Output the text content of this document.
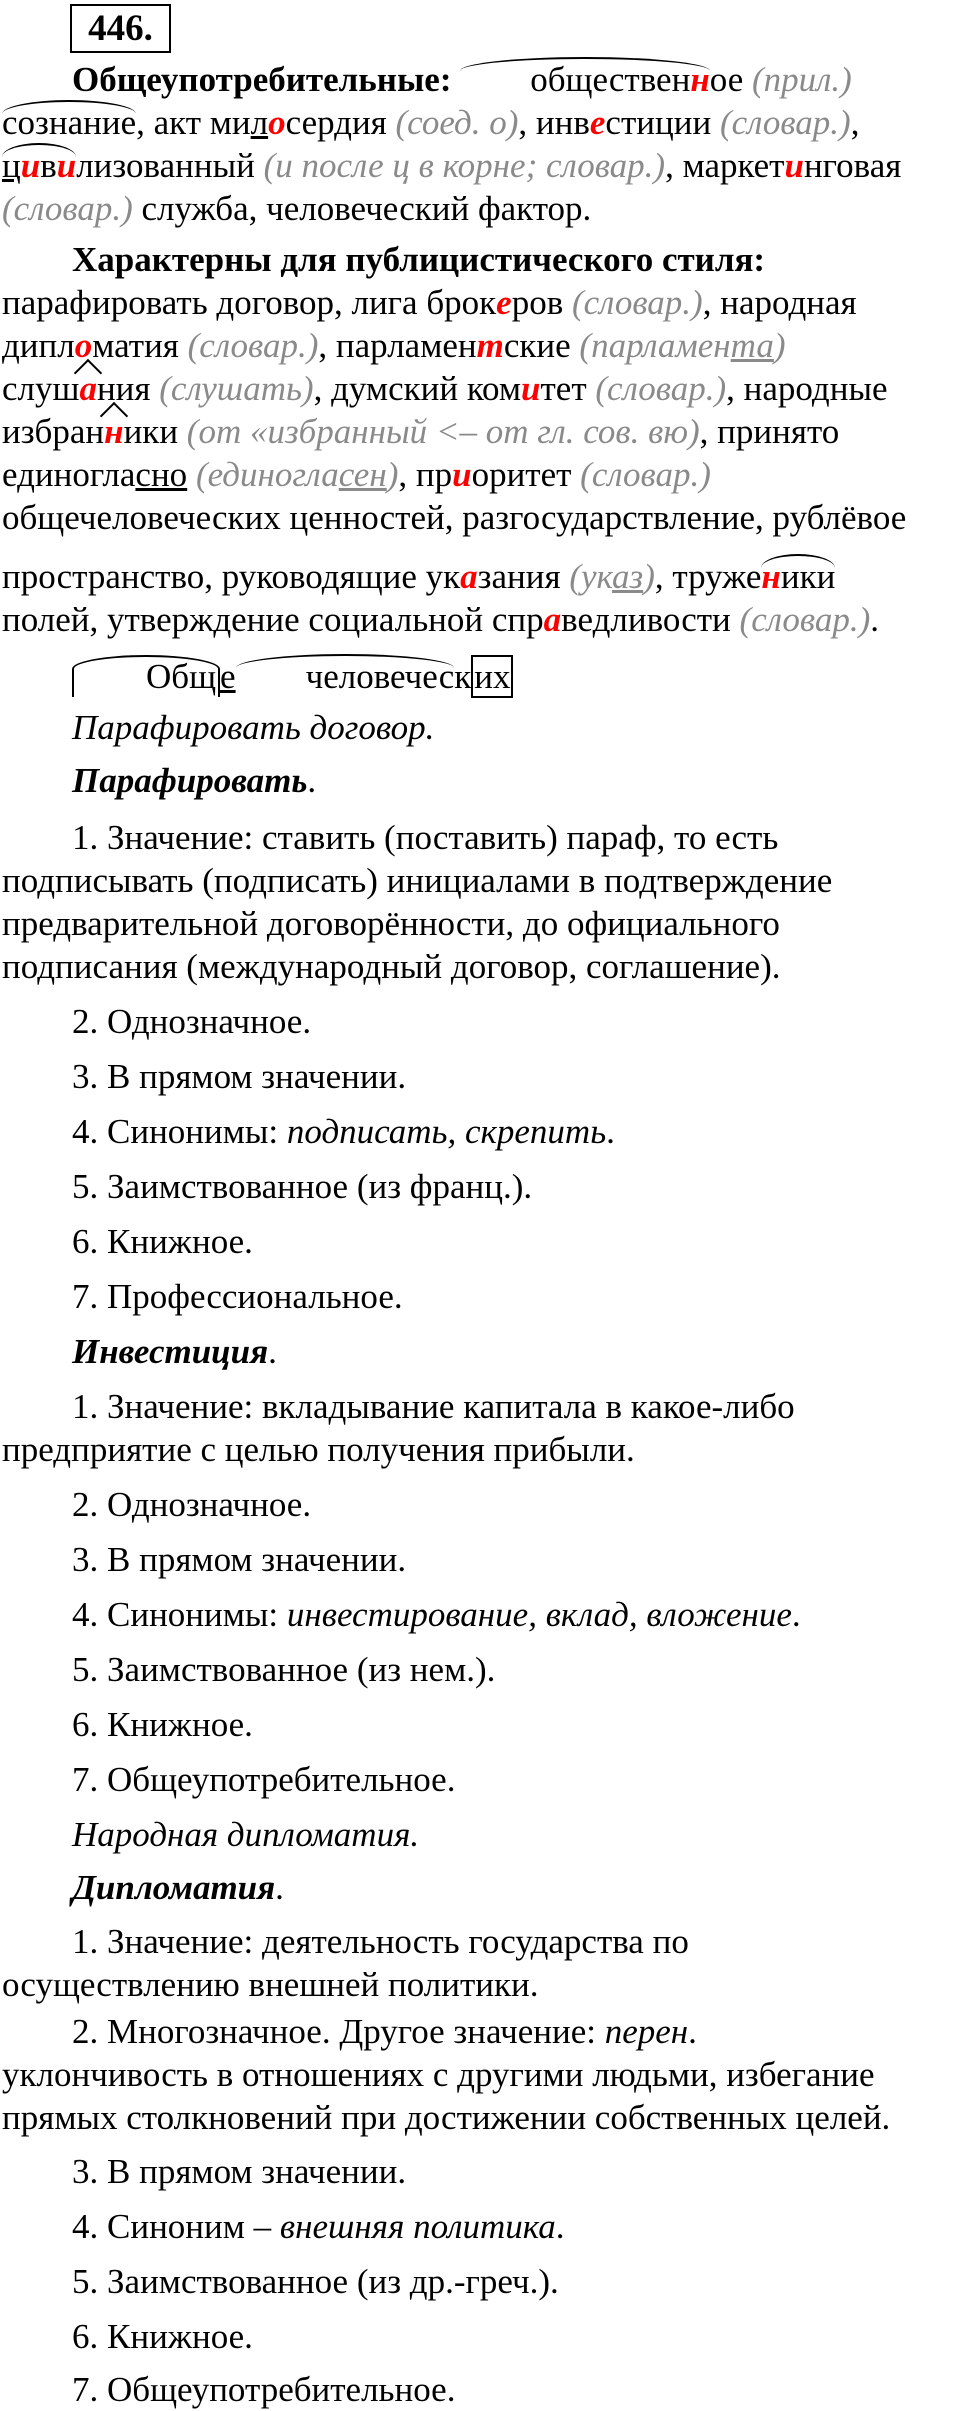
446.
Общеупотребительные: общественное (прил.)
сознание, акт милосердия (соед. о), инвестиции (словар.),
цивилизованный (и после ц в корне; словар.), маркетинговая
(словар.) служба, человеческий фактор.
Характерны для публицистического стиля:
парафировать договор, лига брокеров (словар.), народная
дипломатия (словар.), парламентские (парламента)
слушания (слушать), думский комитет (словар.), народные
избранники (от «избранный <– от гл. сов. вю), принято
единогласно (единогласен), приоритет (словар.)
общечеловеческих ценностей, разгосударствление, рублёвое
пространство, руководящие указания (указ), труженики
полей, утверждение социальной справедливости (словар.).
Общ е человеческих
Парафировать договор.
Парафировать.
1. Значение: ставить (поставить) параф, то есть
подписывать (подписать) инициалами в подтверждение
предварительной договорённости, до официального
подписания (международный договор, соглашение).
2. Однозначное.
3. В прямом значении.
4. Синонимы: подписать, скрепить.
5. Заимствованное (из франц.).
6. Книжное.
7. Профессиональное.
Инвестиция.
1. Значение: вкладывание капитала в какое-либо
предприятие с целью получения прибыли.
2. Однозначное.
3. В прямом значении.
4. Синонимы: инвестирование, вклад, вложение.
5. Заимствованное (из нем.).
6. Книжное.
7. Общеупотребительное.
Народная дипломатия.
Дипломатия.
1. Значение: деятельность государства по
осуществлению внешней политики.
2. Многозначное. Другое значение: перен.
уклончивость в отношениях с другими людьми, избегание
прямых столкновений при достижении собственных целей.
3. В прямом значении.
4. Синоним – внешняя политика.
5. Заимствованное (из др.-греч.).
6. Книжное.
7. Общеупотребительное.
